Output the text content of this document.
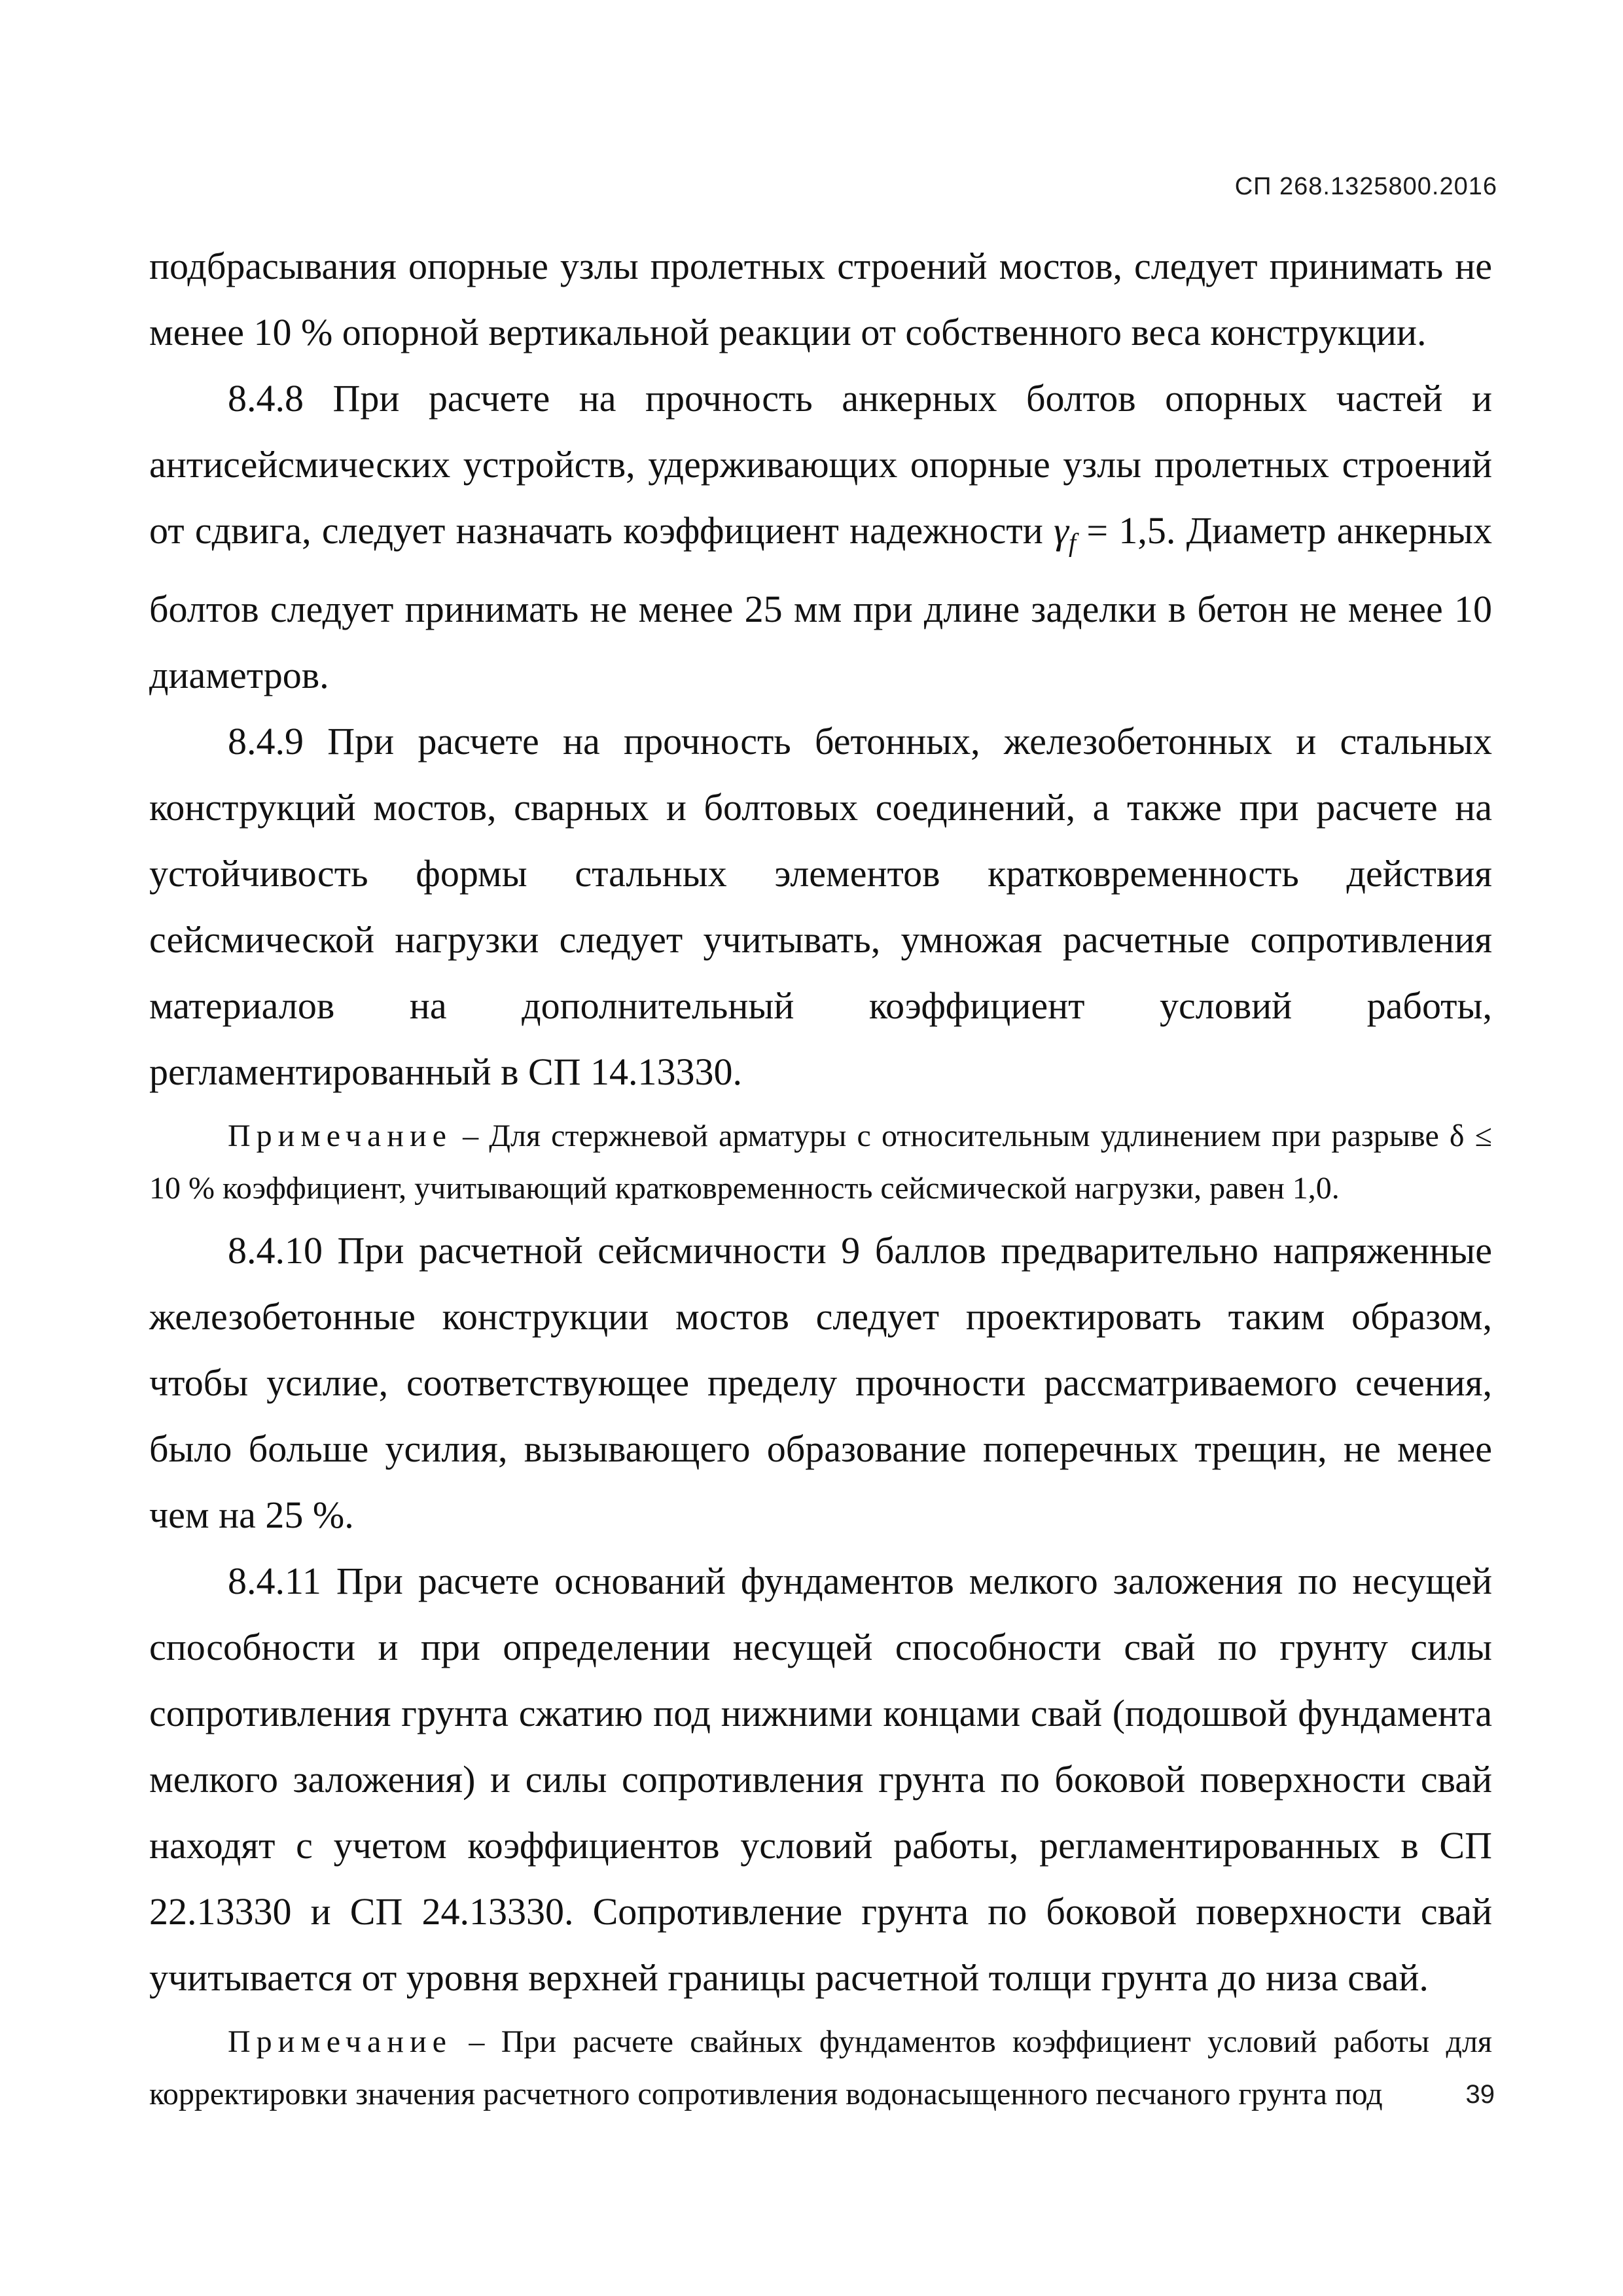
СП 268.1325800.2016

подбрасывания опорные узлы пролетных строений мостов, следует принимать не менее 10 % опорной вертикальной реакции от собственного веса конструкции.

8.4.8 При расчете на прочность анкерных болтов опорных частей и антисейсмических устройств, удерживающих опорные узлы пролетных строений от сдвига, следует назначать коэффициент надежности $\gamma_f = 1,5$. Диаметр анкерных болтов следует принимать не менее 25 мм при длине заделки в бетон не менее 10 диаметров.

8.4.9 При расчете на прочность бетонных, железобетонных и стальных конструкций мостов, сварных и болтовых соединений, а также при расчете на устойчивость формы стальных элементов кратковременность действия сейсмической нагрузки следует учитывать, умножая расчетные сопротивления материалов на дополнительный коэффициент условий работы, регламентированный в СП 14.13330.

Примечание – Для стержневой арматуры с относительным удлинением при разрыве δ ≤ 10 % коэффициент, учитывающий кратковременность сейсмической нагрузки, равен 1,0.

8.4.10 При расчетной сейсмичности 9 баллов предварительно напряженные железобетонные конструкции мостов следует проектировать таким образом, чтобы усилие, соответствующее пределу прочности рассматриваемого сечения, было больше усилия, вызывающего образование поперечных трещин, не менее чем на 25 %.

8.4.11 При расчете оснований фундаментов мелкого заложения по несущей способности и при определении несущей способности свай по грунту силы сопротивления грунта сжатию под нижними концами свай (подошвой фундамента мелкого заложения) и силы сопротивления грунта по боковой поверхности свай находят с учетом коэффициентов условий работы, регламентированных в СП 22.13330 и СП 24.13330. Сопротивление грунта по боковой поверхности свай учитывается от уровня верхней границы расчетной толщи грунта до низа свай.

Примечание – При расчете свайных фундаментов коэффициент условий работы для корректировки значения расчетного сопротивления водонасыщенного песчаного грунта под	39
